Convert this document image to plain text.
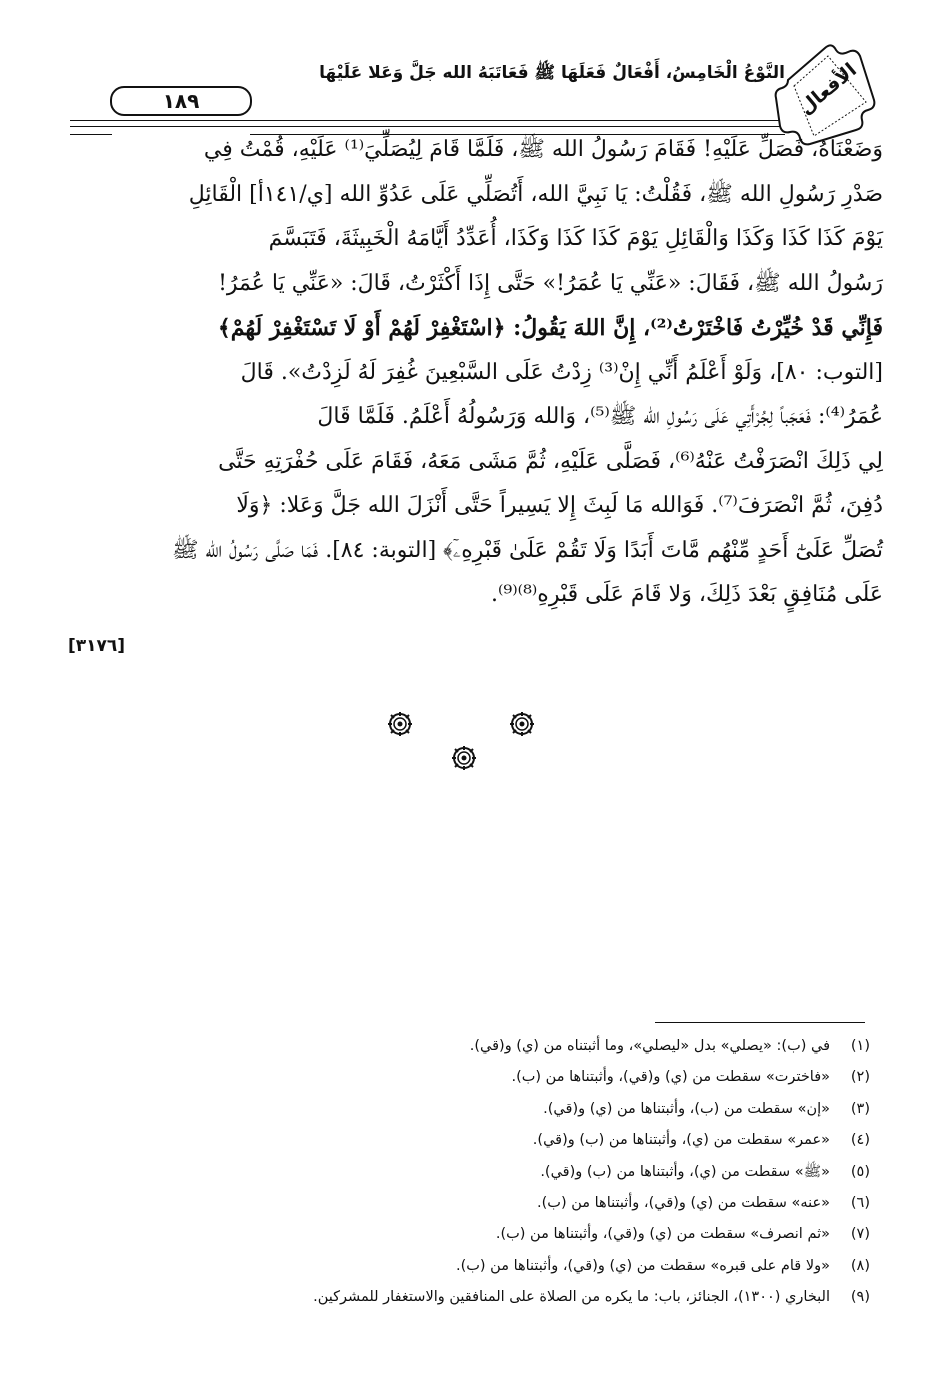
النَّوْعُ الْخَامِسُ، أَفْعَالٌ فَعَلَهَا ﷺ فَعَاتَبَهُ الله جَلَّ وَعَلا عَلَيْهَا
١٨٩	الأفعال
وَضَعْنَاهُ، فَصَلِّ عَلَيْهِ! فَقَامَ رَسُولُ الله ﷺ، فَلَمَّا قَامَ لِيُصَلِّيَ⁽¹⁾ عَلَيْهِ، قُمْتُ فِي
صَدْرِ رَسُولِ الله ﷺ، فَقُلْتُ: يَا نَبِيَّ الله، أَتُصَلِّي عَلَى عَدُوِّ الله [ي/١٤١أ] الْقَائِلِ
يَوْمَ كَذَا كَذَا وَكَذَا وَالْقَائِلِ يَوْمَ كَذَا كَذَا وَكَذَا، أُعَدِّدُ أَيَّامَهُ الْخَبِيثَةَ، فَتَبَسَّمَ
رَسُولُ الله ﷺ، فَقَالَ: «عَنِّي يَا عُمَرُ!» حَتَّى إِذَا أَكْثَرْتُ، قَالَ: «عَنِّي يَا عُمَرُ!
فَإِنِّي قَدْ خُيِّرْتُ فَاخْتَرْتُ⁽²⁾، إِنَّ اللهَ يَقُولُ: ﴿اسْتَغْفِرْ لَهُمْ أَوْ لَا تَسْتَغْفِرْ لَهُمْ﴾
[التوب: ٨٠]، وَلَوْ أَعْلَمُ أَنِّي إِنْ⁽³⁾ زِدْتُ عَلَى السَّبْعِينَ غُفِرَ لَهُ لَزِدْتُ». قَالَ
عُمَرُ⁽⁴⁾: فَعَجَباً لِجُرْأَتِي عَلَى رَسُولِ الله ﷺ⁽⁵⁾، وَالله وَرَسُولُهُ أَعْلَمُ. فَلَمَّا قَالَ
لِي ذَلِكَ انْصَرَفْتُ عَنْهُ⁽⁶⁾، فَصَلَّى عَلَيْهِ، ثُمَّ مَشَى مَعَهُ، فَقَامَ عَلَى حُفْرَتِهِ حَتَّى
دُفِنَ، ثُمَّ انْصَرَفَ⁽⁷⁾. فَوَالله مَا لَبِثَ إِلا يَسِيراً حَتَّى أَنْزَلَ الله جَلَّ وَعَلا: ﴿وَلَا
تُصَلِّ عَلَىٰٓ أَحَدٍ مِّنْهُم مَّاتَ أَبَدًا وَلَا تَقُمْ عَلَىٰ قَبْرِهِۦٓ﴾ [التوبة: ٨٤]. فَمَا صَلَّى رَسُولُ الله ﷺ
عَلَى مُنَافِقٍ بَعْدَ ذَلِكَ، وَلا قَامَ عَلَى قَبْرِهِ⁽⁸⁾⁽⁹⁾.
[٣١٧٦]
(١)في (ب): «يصلي» بدل «ليصلي»، وما أثبتناه من (ي) و(قي).
(٢)«فاخترت» سقطت من (ي) و(قي)، وأثبتناها من (ب).
(٣)«إن» سقطت من (ب)، وأثبتناها من (ي) و(قي).
(٤)«عمر» سقطت من (ي)، وأثبتناها من (ب) و(قي).
(٥)«ﷺ» سقطت من (ي)، وأثبتناها من (ب) و(قي).
(٦)«عنه» سقطت من (ي) و(قي)، وأثبتناها من (ب).
(٧)«ثم انصرف» سقطت من (ي) و(قي)، وأثبتناها من (ب).
(٨)«ولا قام على قبره» سقطت من (ي) و(قي)، وأثبتناها من (ب).
(٩)البخاري (١٣٠٠)، الجنائز، باب: ما يكره من الصلاة على المنافقين والاستغفار للمشركين.
